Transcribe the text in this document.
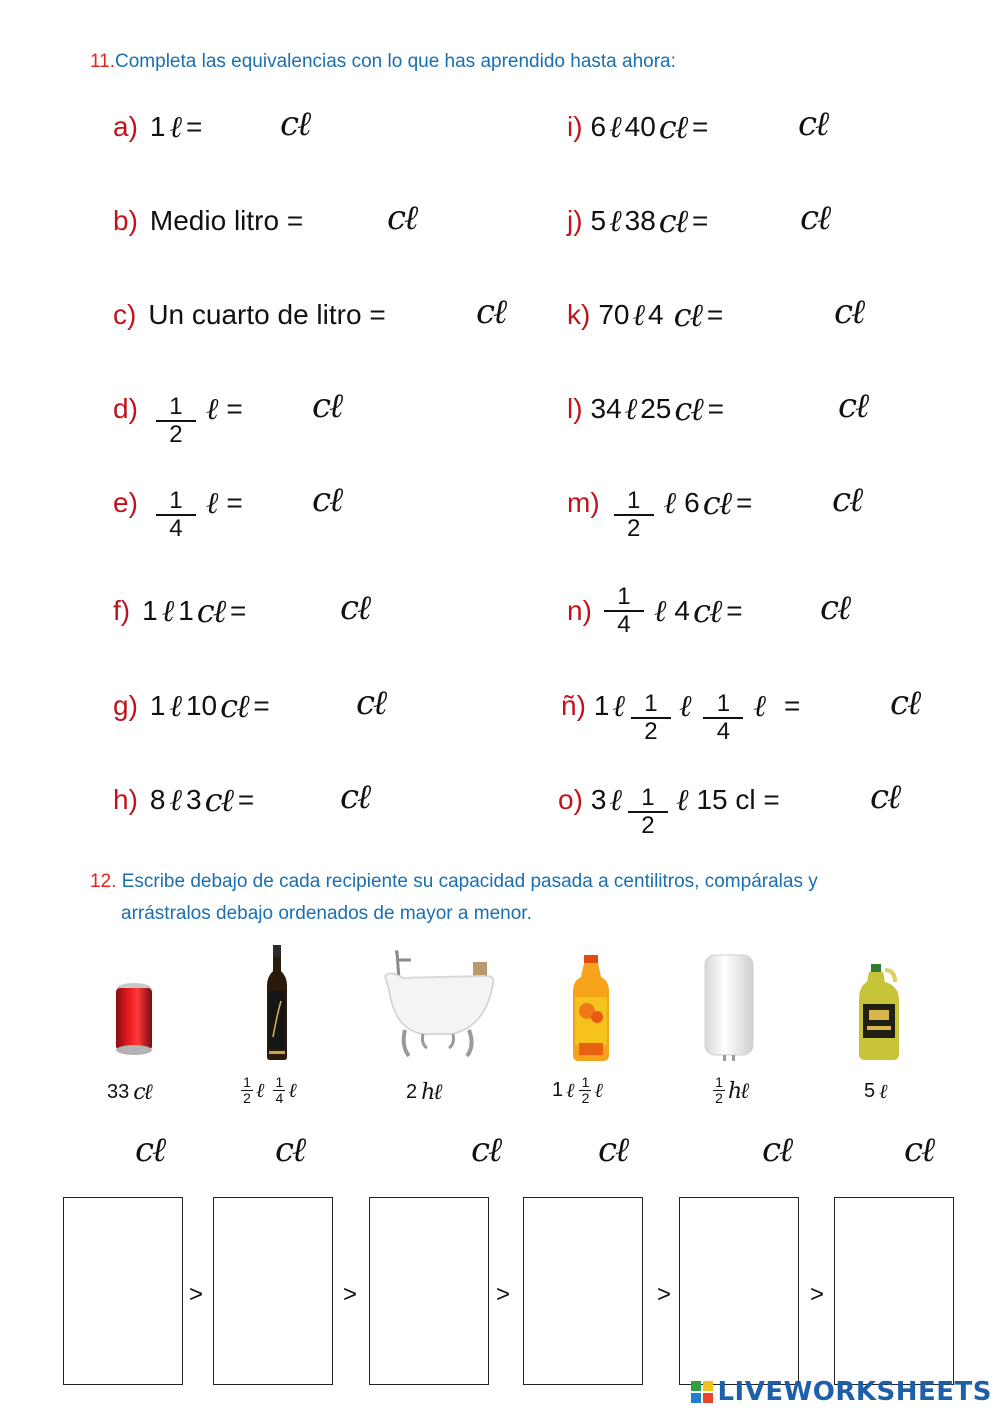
11.Completa las equivalencias con lo que has aprendido hasta ahora:
a) 1 ℓ = cℓ
b) Medio litro = cℓ
c) Un cuarto de litro =	cℓ
$d) \frac{1}{2}$ ℓ = cℓ
$e) \frac{1}{4}$ ℓ = cℓ
f) 1 ℓ 1 cℓ =	cℓ
g) 1 ℓ 10 cℓ =	cℓ
h) 8 ℓ 3 cℓ =	cℓ
i) 6 ℓ 40 cℓ =	cℓ
j) 5 ℓ 38 cℓ =	cℓ
k) 70 ℓ 4 cℓ =	cℓ
l) 34 ℓ 25 cℓ =	cℓ
$m) \frac{1}{2}$ ℓ 6 cℓ = cℓ
$n) \frac{1}{4}$ ℓ 4 cℓ = cℓ
ñ) 1 ℓ $\frac{1}{2}$ ℓ $\frac{1}{4}$ ℓ =	cℓ
o) 3 ℓ $\frac{1}{2}$ ℓ 15 cl =	cℓ
12. Escribe debajo de cada recipiente su capacidad pasada a centilitros, compáralas y
arrástralos debajo ordenados de mayor a menor.
33 cℓ	1
2 ℓ 1
4 ℓ	2 hℓ	1 ℓ 1
2 ℓ	1
2 hℓ	5 ℓ
cℓ	cℓ	cℓ	cℓ	cℓ	cℓ
>	>	>	>	>
LIVEWORKSHEETS
